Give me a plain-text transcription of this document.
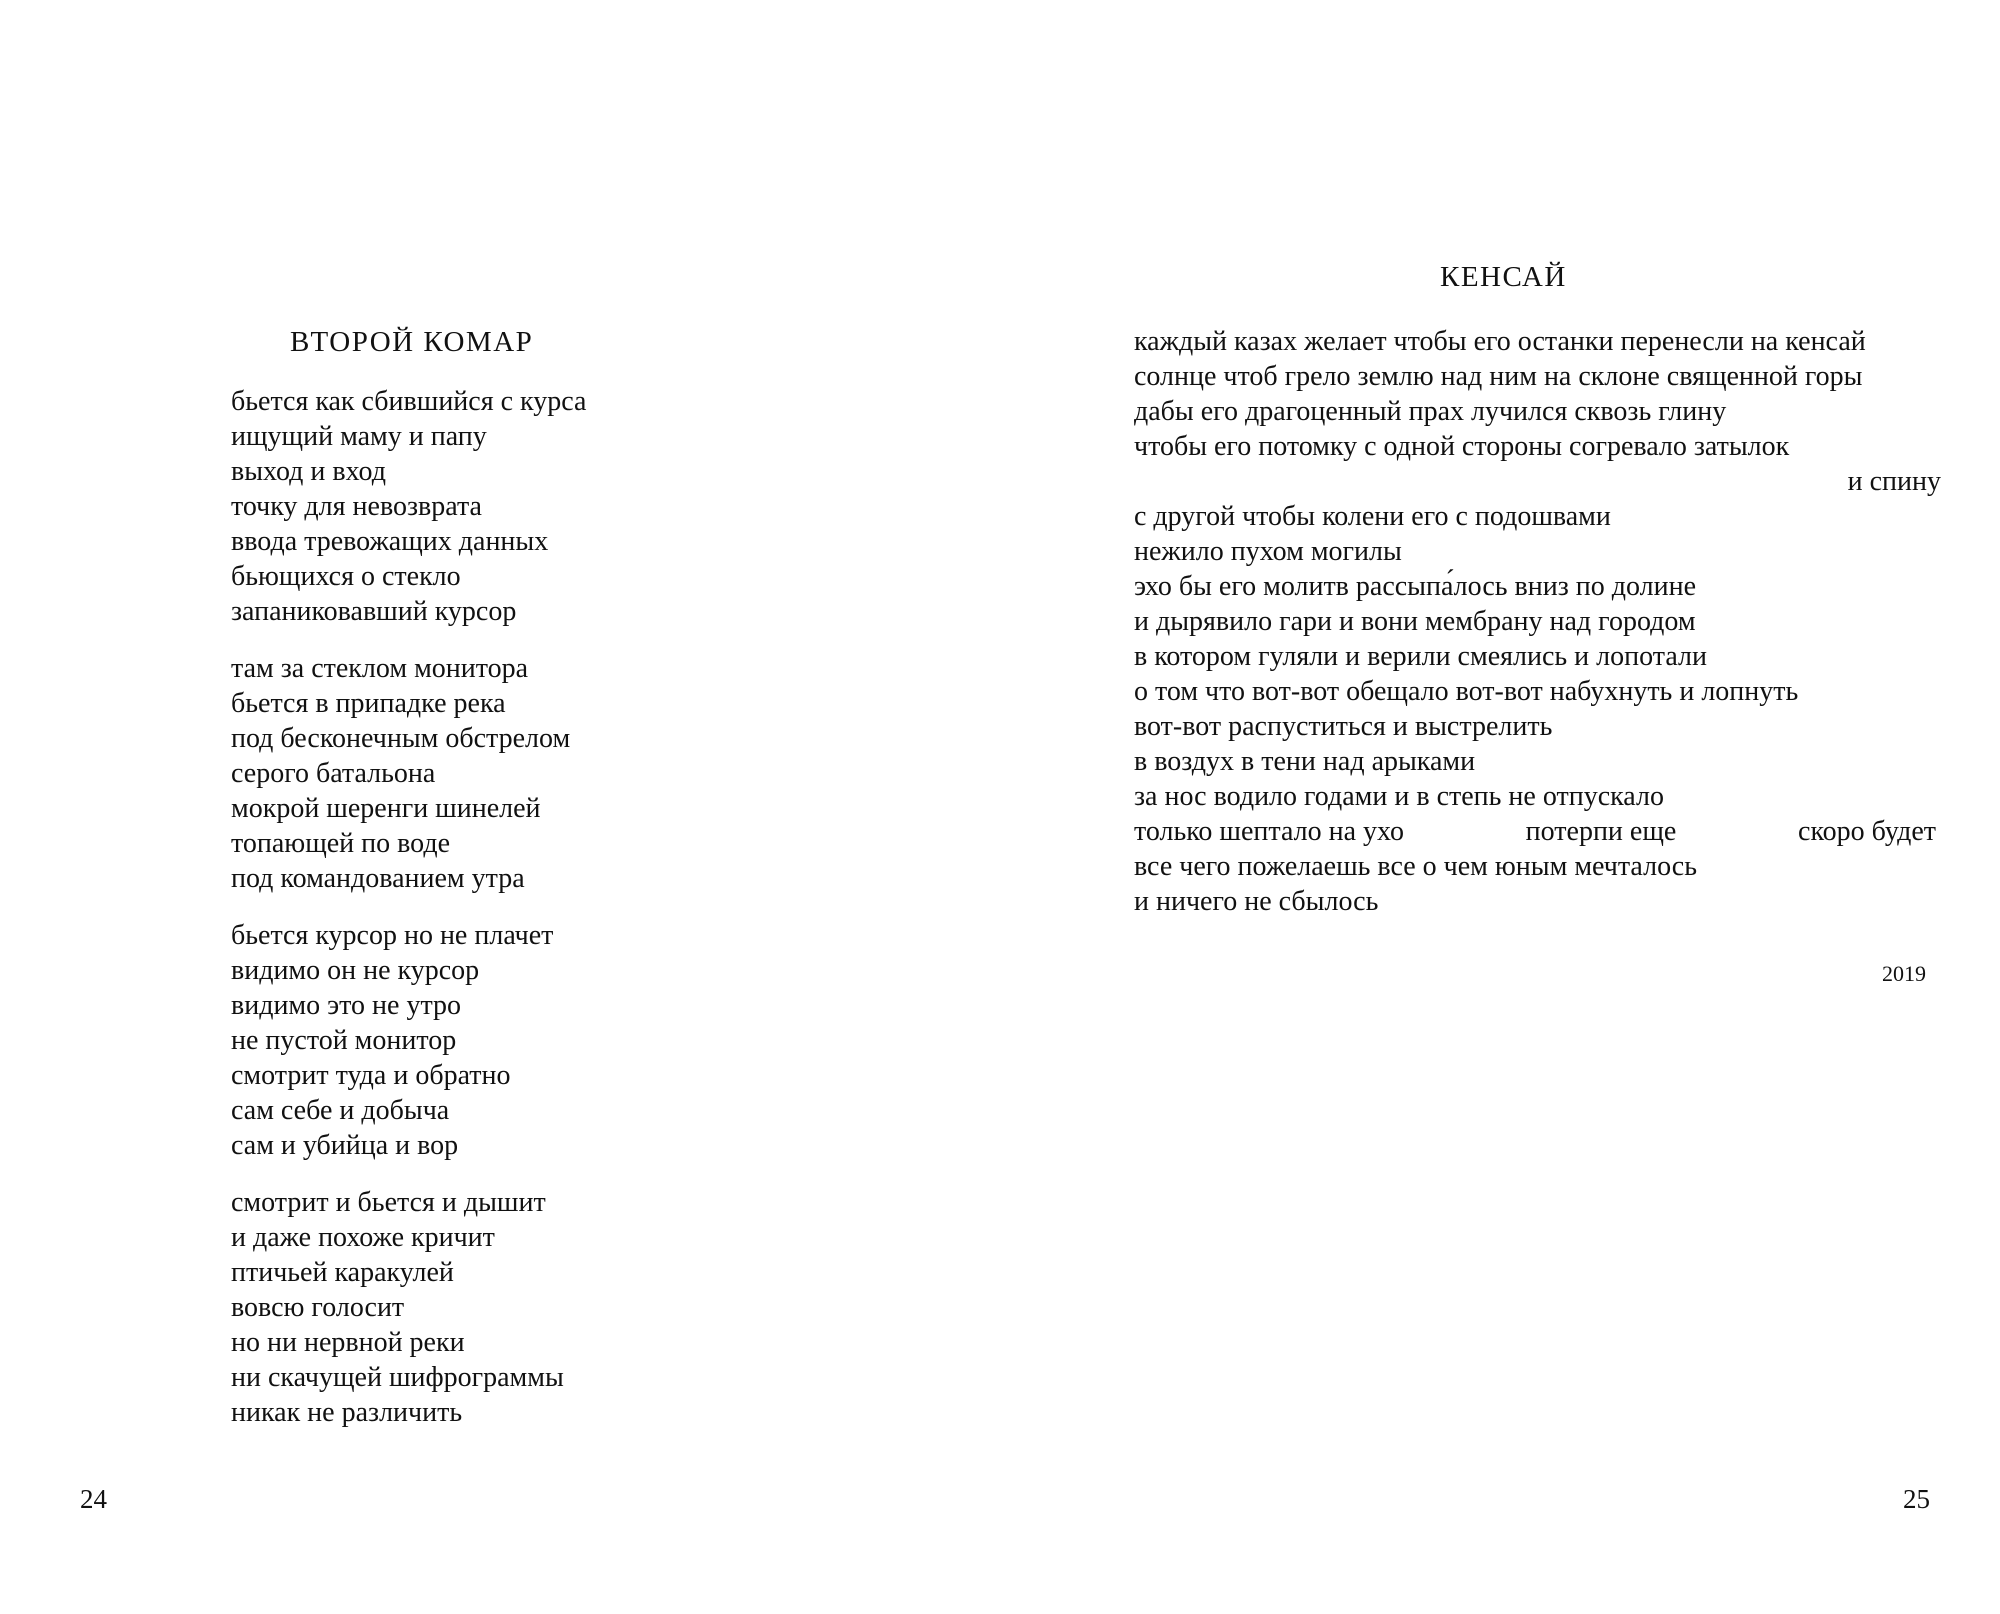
ВТОРОЙ КОМАР
бьется как сбившийся с курса
ищущий маму и папу
выход и вход
точку для невозврата
ввода тревожащих данных
бьющихся о стекло
запаниковавший курсор
там за стеклом монитора
бьется в припадке река
под бесконечным обстрелом
серого батальона
мокрой шеренги шинелей
топающей по воде
под командованием утра
бьется курсор но не плачет
видимо он не курсор
видимо это не утро
не пустой монитор
смотрит туда и обратно
сам себе и добыча
сам и убийца и вор
смотрит и бьется и дышит
и даже похоже кричит
птичьей каракулей
вовсю голосит
но ни нервной реки
ни скачущей шифрограммы
никак не различить
24
КЕНСАЙ
каждый казах желает чтобы его останки перенесли на кенсай
солнце чтоб грело землю над ним на склоне священной горы
дабы его драгоценный прах лучился сквозь глину
чтобы его потомку с одной стороны согревало затылок
и спину
с другой чтобы колени его с подошвами
нежило пухом могилы
эхо бы его молитв рассыпа́лось вниз по долине
и дырявило гари и вони мембрану над городом
в котором гуляли и верили смеялись и лопотали
о том что вот-вот обещало вот-вот набухнуть и лопнуть
вот-вот распуститься и выстрелить
в воздух в тени над арыками
за нос водило годами и в степь не отпускало
только шептало на ухо	потерпи еще	скоро будет
все чего пожелаешь все о чем юным мечталось
и ничего не сбылось
2019
25
